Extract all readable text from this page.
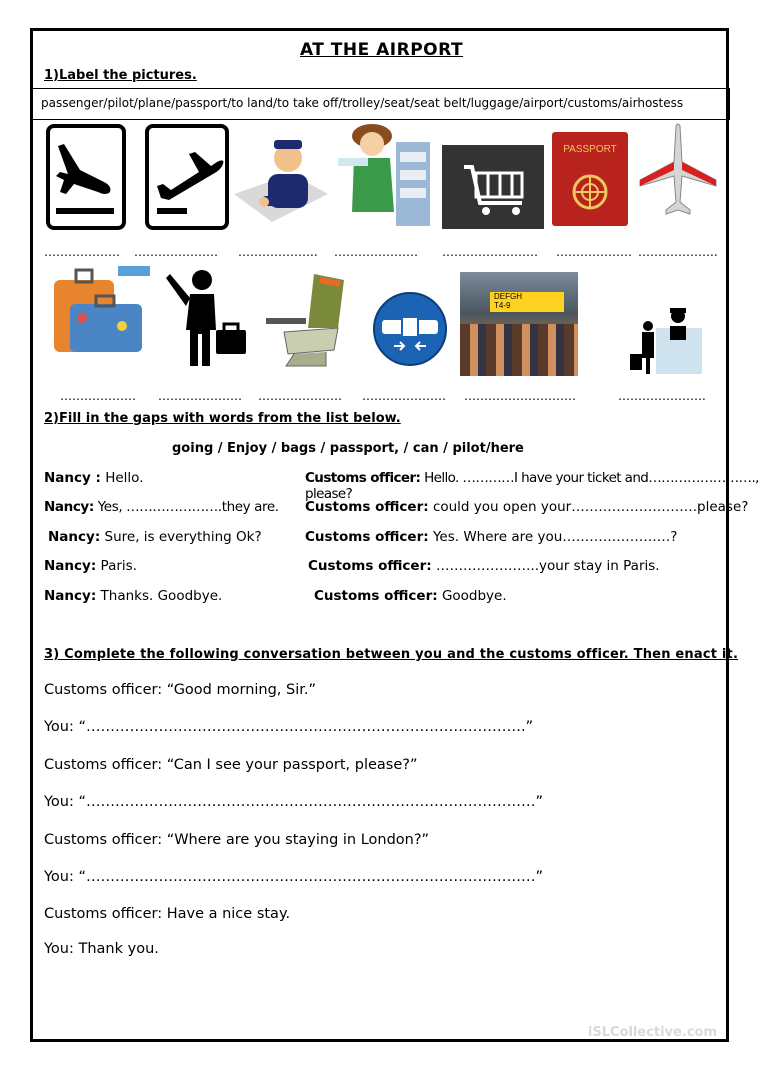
AT THE AIRPORT
1)Label the pictures.
passenger/pilot/plane/passport/to land/to take off/trolley/seat/seat belt/luggage/airport/customs/airhostess
PASSPORT
………………. ………………… ……………….. ………………… …………………… ………………. ………………..
DEFGH
T4-9
………………. ………………… ………………… ………………… ……………………….	………………….
2)Fill in the gaps with words from the list below.
going / Enjoy / bags / passport, / can / pilot/here
Nancy : Hello.	Customs officer: Hello. …………I have your ticket and……………………., please?
Nancy: Yes, ………………….they are. Customs officer: could you open your……………………….please?
Nancy: Sure, is everything Ok?	Customs officer: Yes. Where are you……………………?
Nancy: Paris.	Customs officer: …………………..your stay in Paris.
Nancy: Thanks. Goodbye.	Customs officer: Goodbye.
3) Complete the following conversation between you and the customs officer. Then enact it.
Customs officer: “Good morning, Sir.”
You: “……………………………………………………………………………….”
Customs officer: “Can I see your passport, please?”
You: “…………………………………………………………………………………”
Customs officer: “Where are you staying in London?”
You: “…………………………………………………………………………………”
Customs officer: Have a nice stay.
You: Thank you.
iSLCollective.com
